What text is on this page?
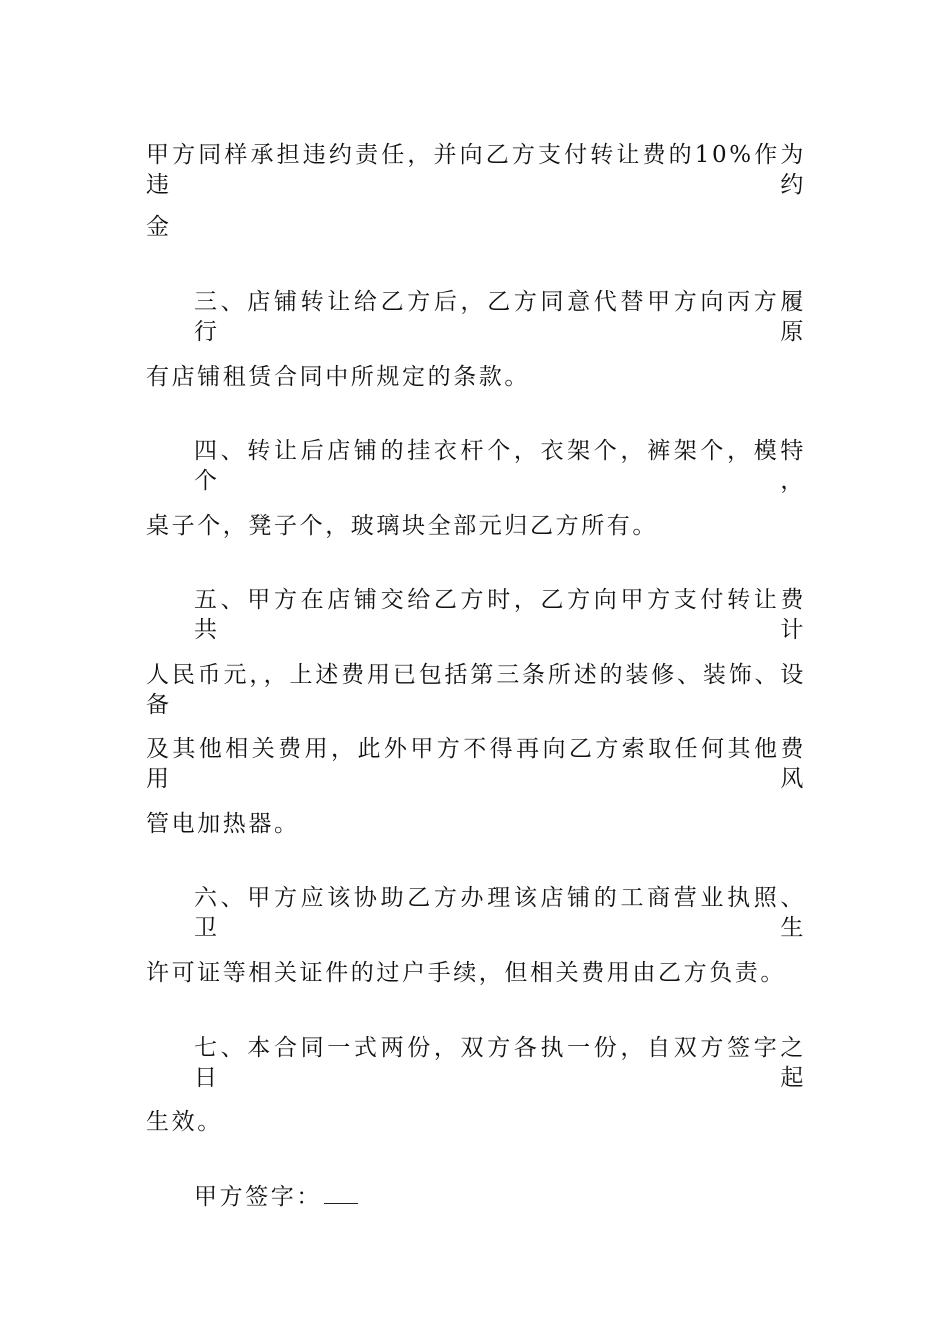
甲方同样承担违约责任，并向乙方支付转让费的10%作为违约
金
三、店铺转让给乙方后，乙方同意代替甲方向丙方履行原
有店铺租赁合同中所规定的条款。
四、转让后店铺的挂衣杆个，衣架个，裤架个，模特个，
桌子个，凳子个，玻璃块全部元归乙方所有。
五、甲方在店铺交给乙方时，乙方向甲方支付转让费共计
人民币元，，上述费用已包括第三条所述的装修、装饰、设备
及其他相关费用，此外甲方不得再向乙方索取任何其他费用风
管电加热器。
六、甲方应该协助乙方办理该店铺的工商营业执照、卫生
许可证等相关证件的过户手续，但相关费用由乙方负责。
七、本合同一式两份，双方各执一份，自双方签字之日起
生效。
甲方签字：
